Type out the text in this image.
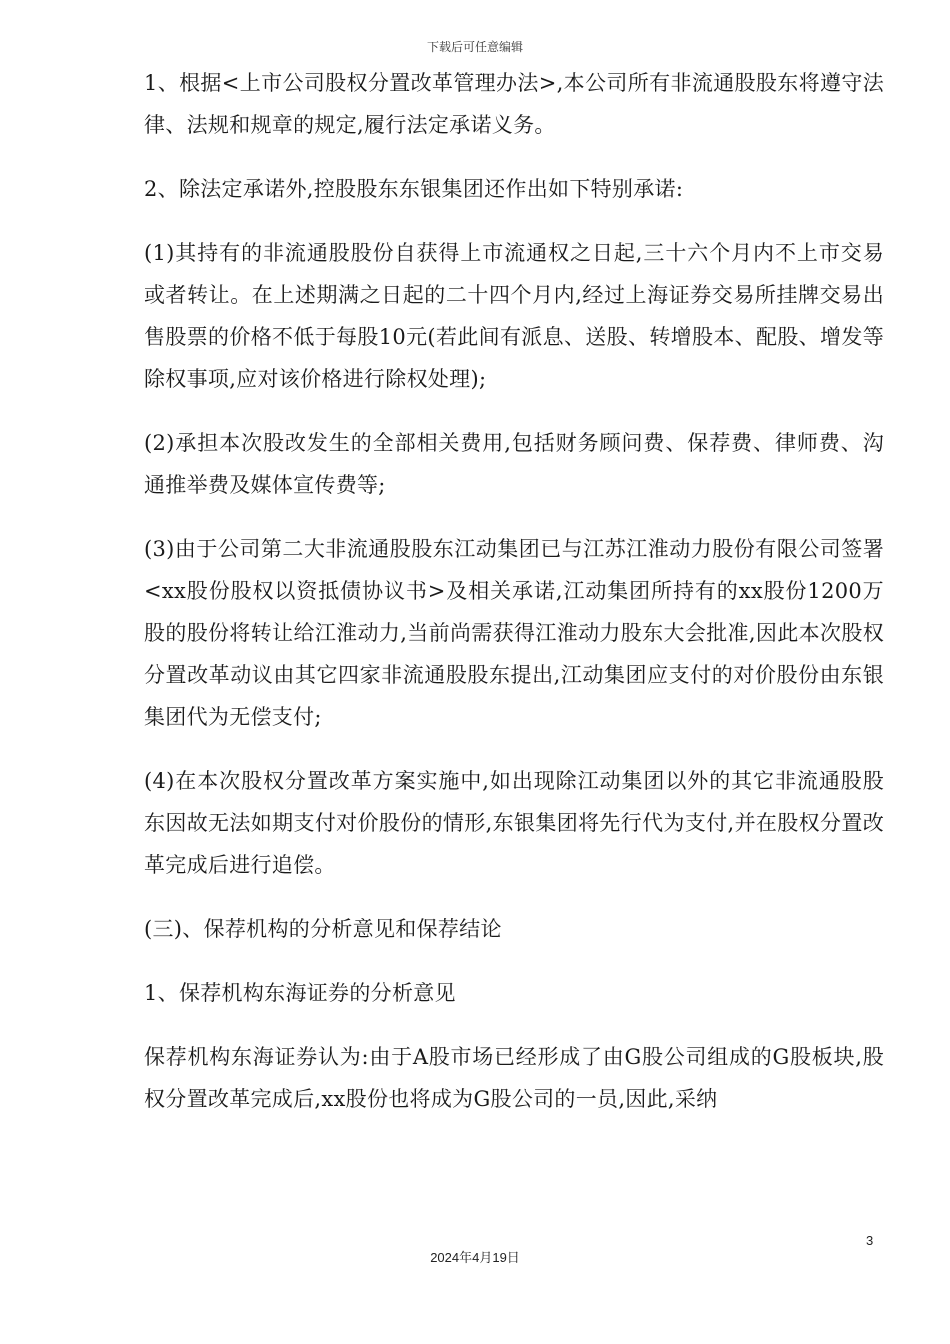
下载后可任意编辑

1、根据<上市公司股权分置改革管理办法>,本公司所有非流通股股东将遵守法律、法规和规章的规定,履行法定承诺义务。

2、除法定承诺外,控股股东东银集团还作出如下特别承诺:

(1)其持有的非流通股股份自获得上市流通权之日起,三十六个月内不上市交易或者转让。在上述期满之日起的二十四个月内,经过上海证券交易所挂牌交易出售股票的价格不低于每股10元(若此间有派息、送股、转增股本、配股、增发等除权事项,应对该价格进行除权处理);

(2)承担本次股改发生的全部相关费用,包括财务顾问费、保荐费、律师费、沟通推举费及媒体宣传费等;

(3)由于公司第二大非流通股股东江动集团已与江苏江淮动力股份有限公司签署<xx股份股权以资抵债协议书>及相关承诺,江动集团所持有的xx股份1200万股的股份将转让给江淮动力,当前尚需获得江淮动力股东大会批准,因此本次股权分置改革动议由其它四家非流通股股东提出,江动集团应支付的对价股份由东银集团代为无偿支付;

(4)在本次股权分置改革方案实施中,如出现除江动集团以外的其它非流通股股东因故无法如期支付对价股份的情形,东银集团将先行代为支付,并在股权分置改革完成后进行追偿。

(三)、保荐机构的分析意见和保荐结论

1、保荐机构东海证券的分析意见

保荐机构东海证券认为:由于A股市场已经形成了由G股公司组成的G股板块,股权分置改革完成后,xx股份也将成为G股公司的一员,因此,采纳

3
2024年4月19日
